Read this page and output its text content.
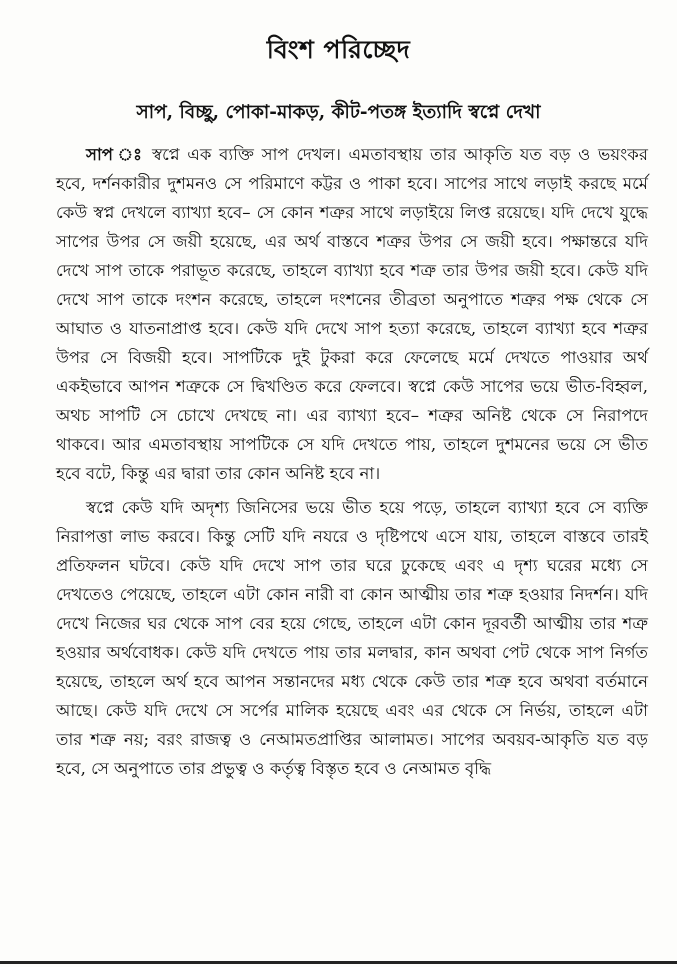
বিংশ পরিচ্ছেদ
সাপ, বিচ্ছু, পোকা-মাকড়, কীট-পতঙ্গ ইত্যাদি স্বপ্নে দেখা

সাপ ঃ স্বপ্নে এক ব্যক্তি সাপ দেখল। এমতাবস্থায় তার আকৃতি যত বড় ও ভয়ংকর হবে, দর্শনকারীর দুশমনও সে পরিমাণে কট্টর ও পাকা হবে। সাপের সাথে লড়াই করছে মর্মে কেউ স্বপ্ন দেখলে ব্যাখ্যা হবে– সে কোন শত্রুর সাথে লড়াইয়ে লিপ্ত রয়েছে। যদি দেখে যুদ্ধে সাপের উপর সে জয়ী হয়েছে, এর অর্থ বাস্তবে শত্রুর উপর সে জয়ী হবে। পক্ষান্তরে যদি দেখে সাপ তাকে পরাভূত করেছে, তাহলে ব্যাখ্যা হবে শত্রু তার উপর জয়ী হবে। কেউ যদি দেখে সাপ তাকে দংশন করেছে, তাহলে দংশনের তীব্রতা অনুপাতে শত্রুর পক্ষ থেকে সে আঘাত ও যাতনাপ্রাপ্ত হবে। কেউ যদি দেখে সাপ হত্যা করেছে, তাহলে ব্যাখ্যা হবে শত্রুর উপর সে বিজয়ী হবে। সাপটিকে দুই টুকরা করে ফেলেছে মর্মে দেখতে পাওয়ার অর্থ একইভাবে আপন শত্রুকে সে দ্বিখণ্ডিত করে ফেলবে। স্বপ্নে কেউ সাপের ভয়ে ভীত-বিহ্বল, অথচ সাপটি সে চোখে দেখছে না। এর ব্যাখ্যা হবে– শত্রুর অনিষ্ট থেকে সে নিরাপদে থাকবে। আর এমতাবস্থায় সাপটিকে সে যদি দেখতে পায়, তাহলে দুশমনের ভয়ে সে ভীত হবে বটে, কিন্তু এর দ্বারা তার কোন অনিষ্ট হবে না।

স্বপ্নে কেউ যদি অদৃশ্য জিনিসের ভয়ে ভীত হয়ে পড়ে, তাহলে ব্যাখ্যা হবে সে ব্যক্তি নিরাপত্তা লাভ করবে। কিন্তু সেটি যদি নযরে ও দৃষ্টিপথে এসে যায়, তাহলে বাস্তবে তারই প্রতিফলন ঘটবে। কেউ যদি দেখে সাপ তার ঘরে ঢুকেছে এবং এ দৃশ্য ঘরের মধ্যে সে দেখতেও পেয়েছে, তাহলে এটা কোন নারী বা কোন আত্মীয় তার শত্রু হওয়ার নিদর্শন। যদি দেখে নিজের ঘর থেকে সাপ বের হয়ে গেছে, তাহলে এটা কোন দূরবর্তী আত্মীয় তার শত্রু হওয়ার অর্থবোধক। কেউ যদি দেখতে পায় তার মলদ্বার, কান অথবা পেট থেকে সাপ নির্গত হয়েছে, তাহলে অর্থ হবে আপন সন্তানদের মধ্য থেকে কেউ তার শত্রু হবে অথবা বর্তমানে আছে। কেউ যদি দেখে সে সর্পের মালিক হয়েছে এবং এর থেকে সে নির্ভয়, তাহলে এটা তার শত্রু নয়; বরং রাজত্ব ও নেআমতপ্রাপ্তির আলামত। সাপের অবয়ব-আকৃতি যত বড় হবে, সে অনুপাতে তার প্রভুত্ব ও কর্তৃত্ব বিস্তৃত হবে ও নেআমত বৃদ্ধি
